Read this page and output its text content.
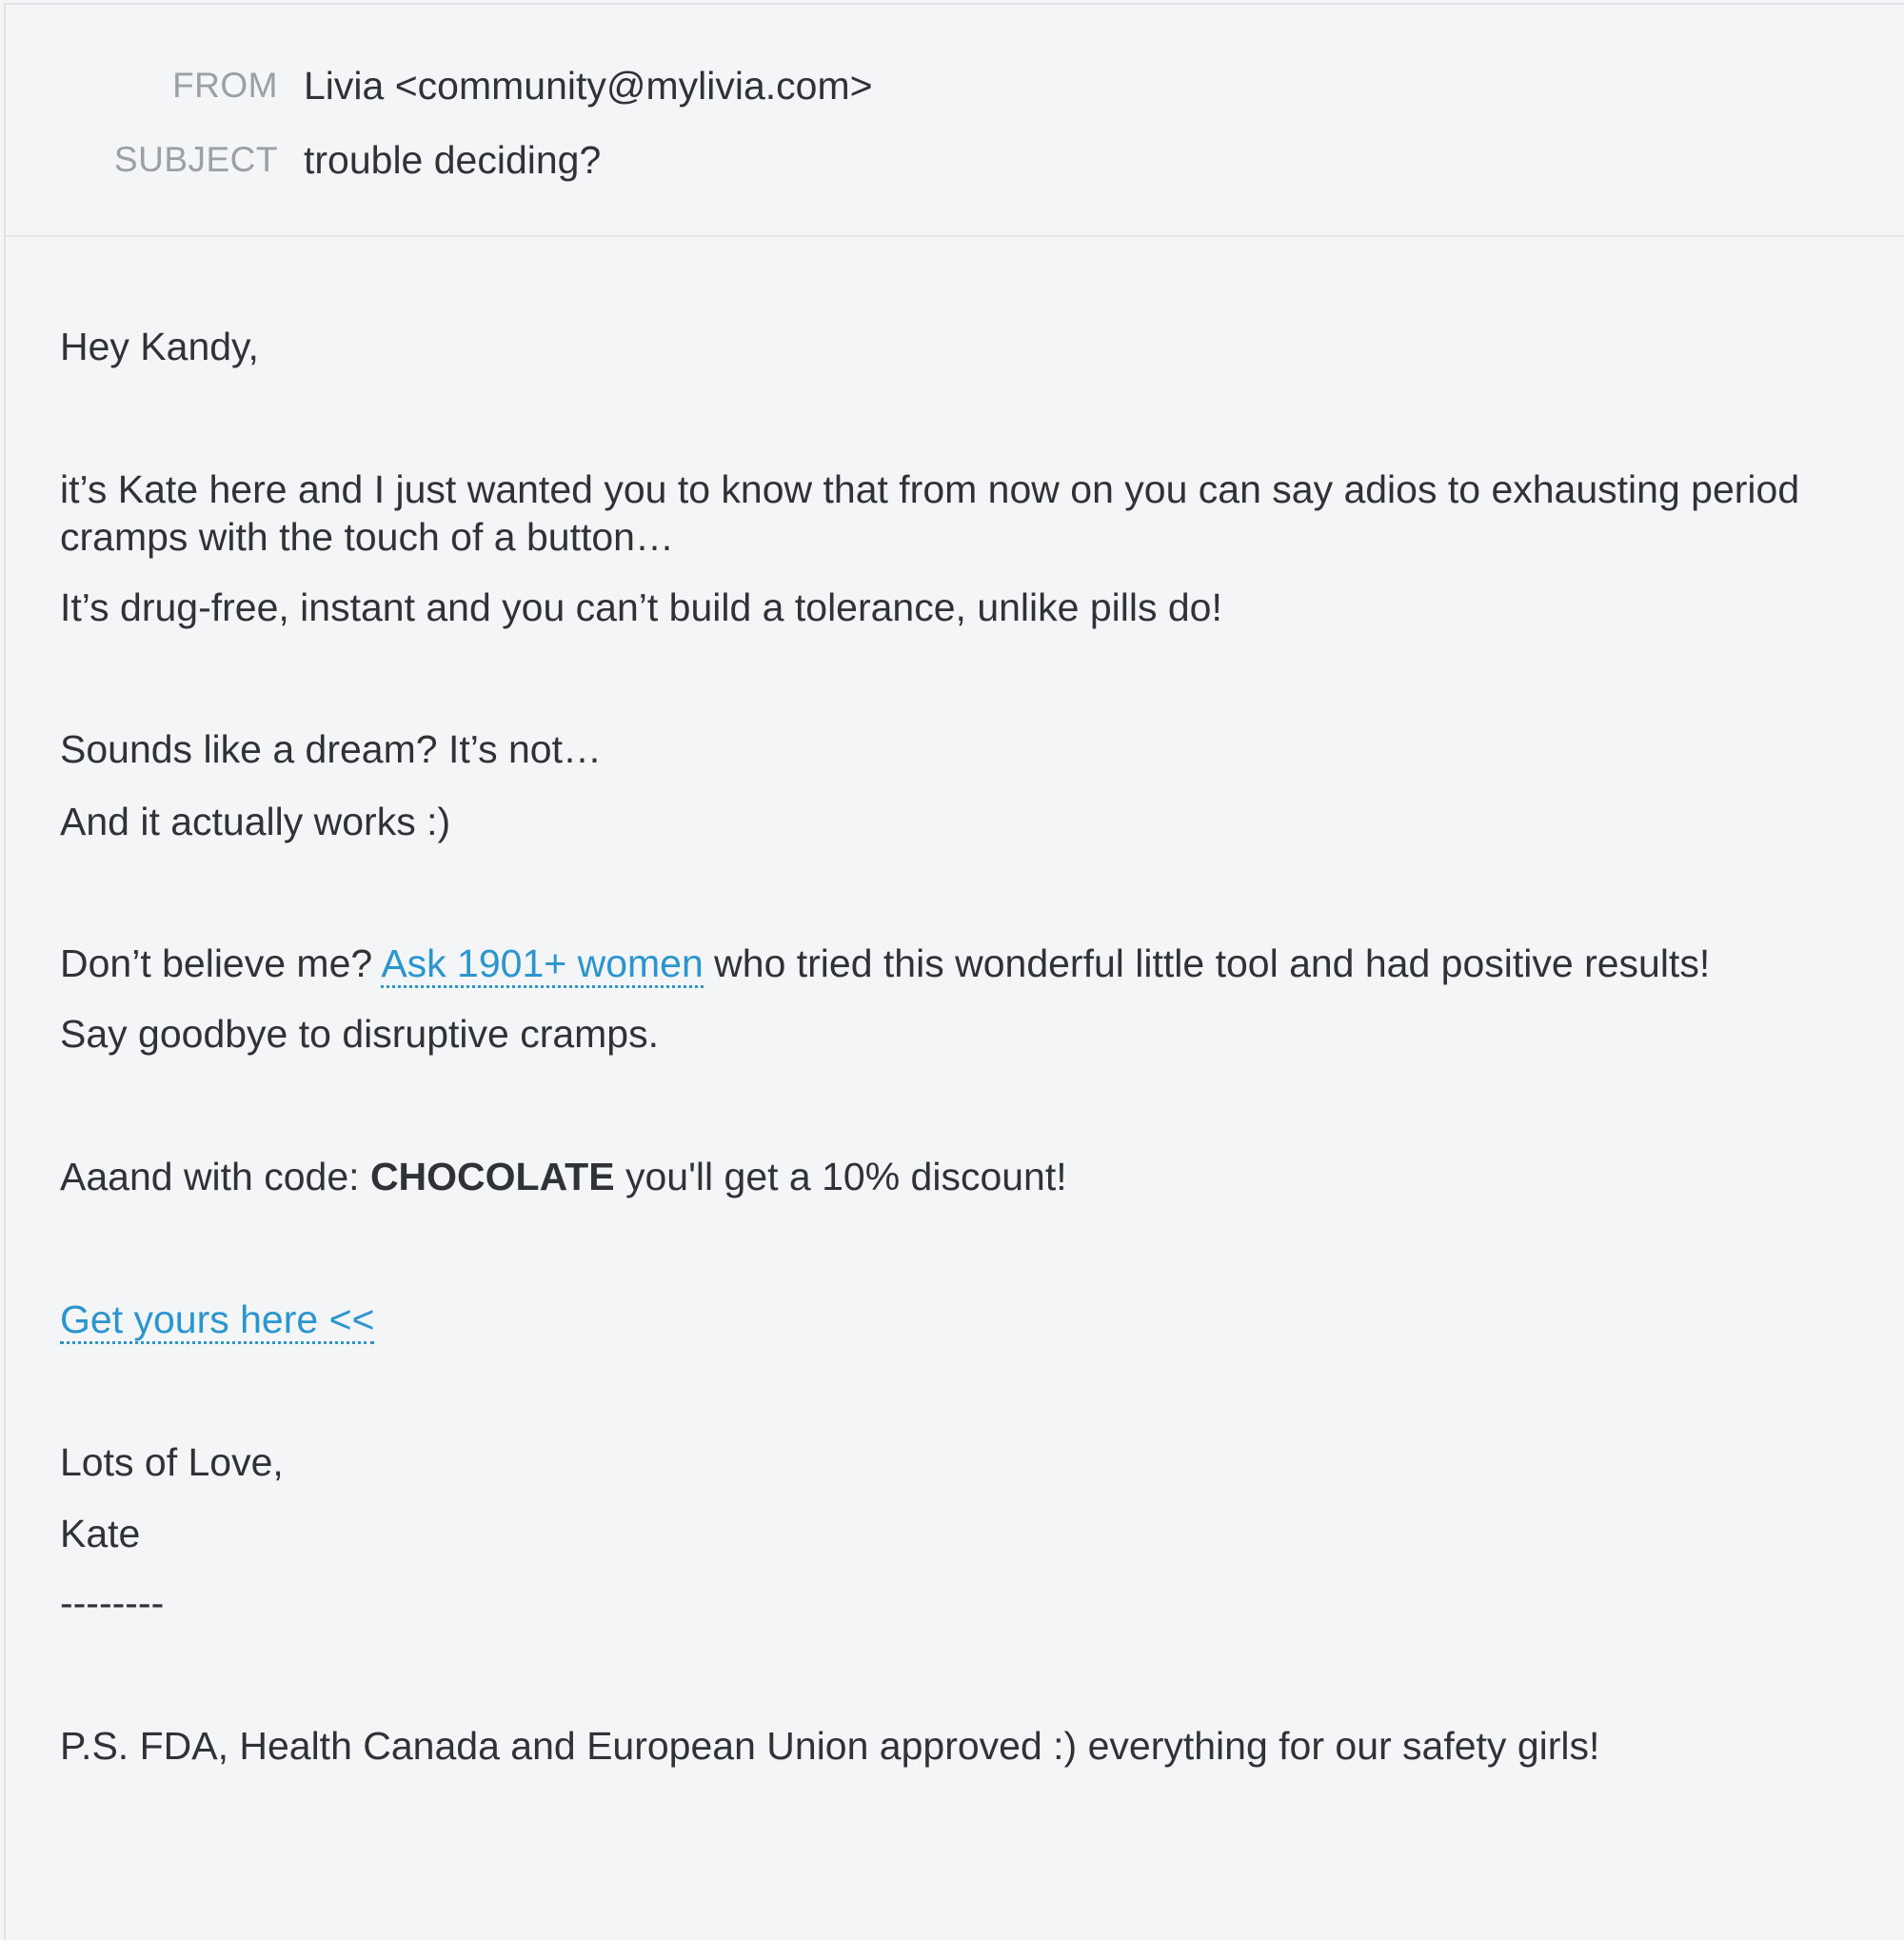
FROM Livia <community@mylivia.com>
SUBJECT trouble deciding?
Hey Kandy,
it’s Kate here and I just wanted you to know that from now on you can say adios to exhausting period cramps with the touch of a button…
It’s drug-free, instant and you can’t build a tolerance, unlike pills do!
Sounds like a dream? It’s not…
And it actually works :)
Don’t believe me? Ask 1901+ women who tried this wonderful little tool and had positive results!
Say goodbye to disruptive cramps.
Aaand with code: CHOCOLATE you'll get a 10% discount!
Get yours here <<
Lots of Love,
Kate
--------
P.S. FDA, Health Canada and European Union approved :) everything for our safety girls!
